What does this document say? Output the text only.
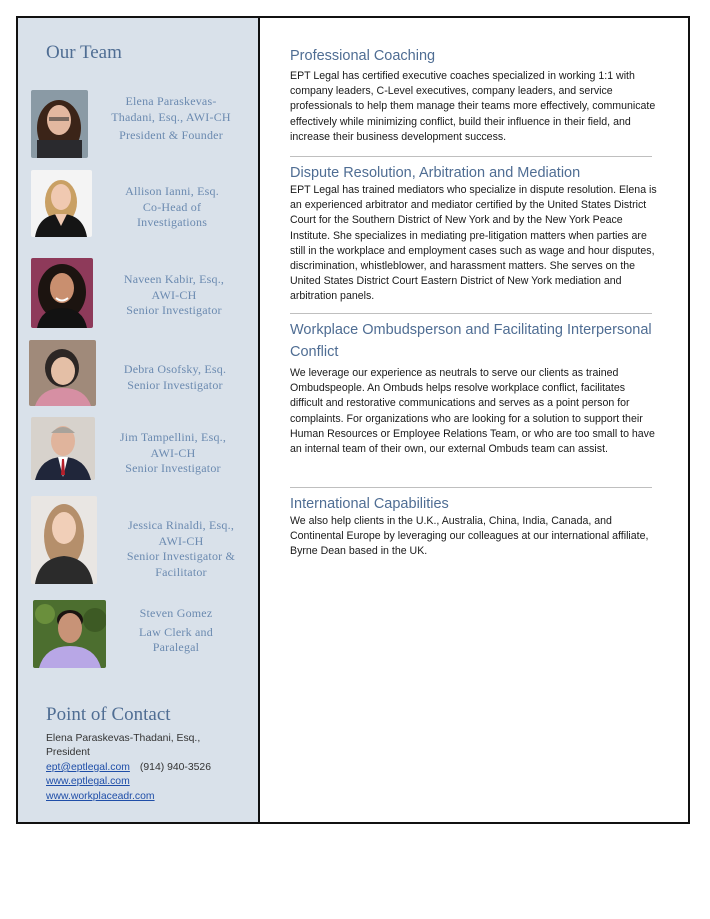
Our Team
Elena Paraskevas-
Thadani, Esq., AWI-CH
President & Founder
Allison Ianni, Esq.
Co-Head of
Investigations
Naveen Kabir, Esq.,
AWI-CH
Senior Investigator
Debra Osofsky, Esq.
Senior Investigator
Jim Tampellini, Esq.,
AWI-CH
Senior Investigator
Jessica Rinaldi, Esq.,
AWI-CH
Senior Investigator &
Facilitator
Steven Gomez
Law Clerk and
Paralegal
Point of Contact
Elena Paraskevas-Thadani, Esq.,
President
ept@eptlegal.com (914) 940-3526
www.eptlegal.com
www.workplaceadr.com
Professional Coaching

EPT Legal has certified executive coaches specialized in working 1:1 with company leaders, C-Level executives, company leaders, and service professionals to help them manage their teams more effectively, communicate effectively while minimizing conflict, build their influence in their field, and increase their business development success.

Dispute Resolution, Arbitration and Mediation

EPT Legal has trained mediators who specialize in dispute resolution. Elena is an experienced arbitrator and mediator certified by the United States District Court for the Southern District of New York and by the New York Peace Institute. She specializes in mediating pre-litigation matters when parties are still in the workplace and employment cases such as wage and hour disputes, discrimination, whistleblower, and harassment matters. She serves on the United States District Court Eastern District of New York mediation and arbitration panels.

Workplace Ombudsperson and Facilitating Interpersonal Conflict

We leverage our experience as neutrals to serve our clients as trained Ombudspeople. An Ombuds helps resolve workplace conflict, facilitates difficult and restorative communications and serves as a point person for complaints. For organizations who are looking for a solution to support their Human Resources or Employee Relations Team, or who are too small to have an internal team of their own, our external Ombuds team can assist.

International Capabilities

We also help clients in the U.K., Australia, China, India, Canada, and Continental Europe by leveraging our colleagues at our international affiliate, Byrne Dean based in the UK.
